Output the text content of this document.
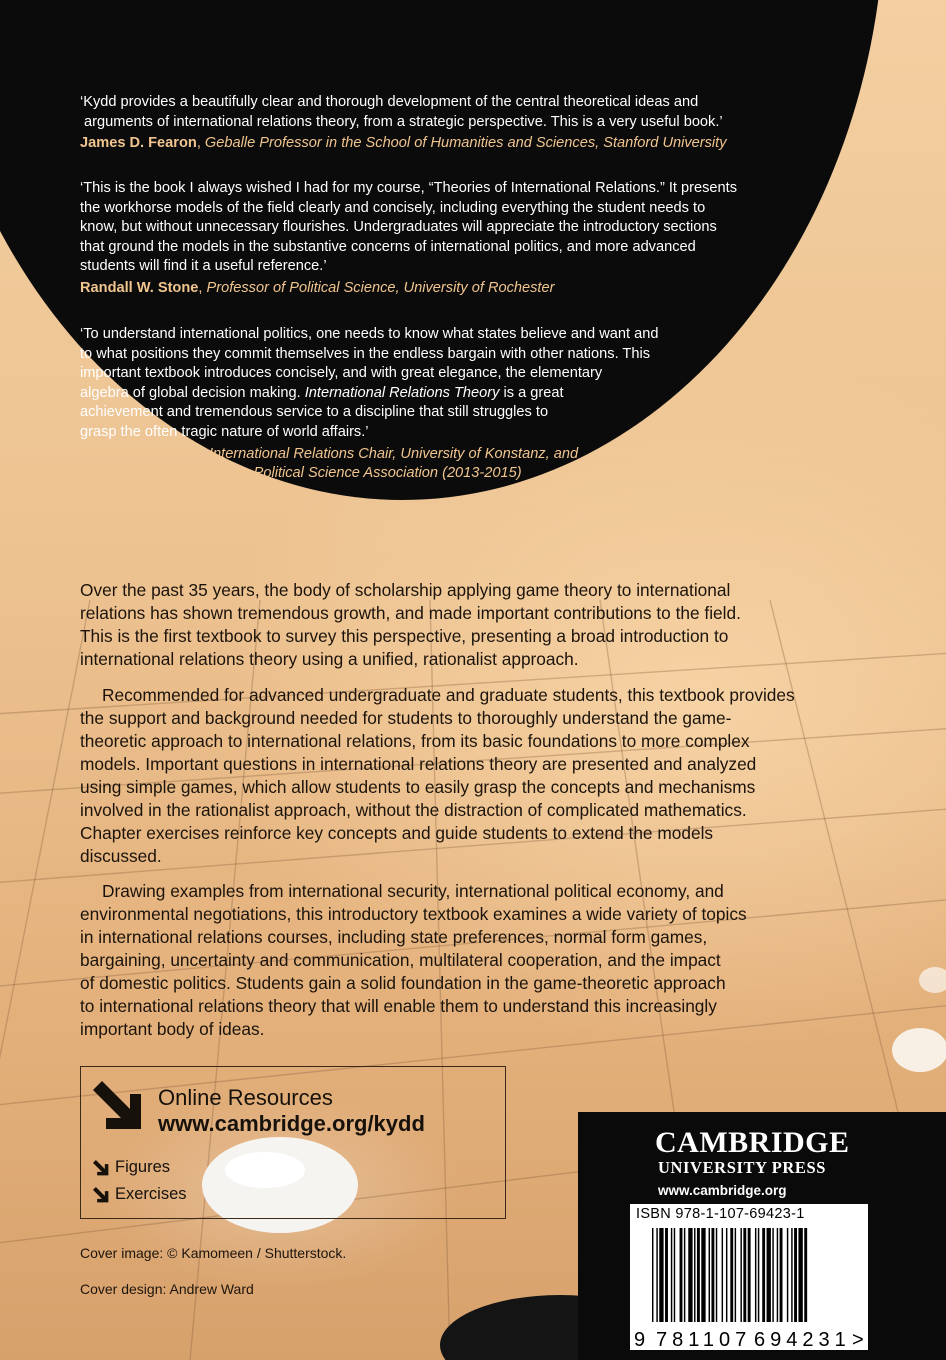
‘Kydd provides a beautifully clear and thorough development of the central theoretical ideas and
arguments of international relations theory, from a strategic perspective. This is a very useful book.’
James D. Fearon, Geballe Professor in the School of Humanities and Sciences, Stanford University
‘This is the book I always wished I had for my course, “Theories of International Relations.” It presents
the workhorse models of the field clearly and concisely, including everything the student needs to
know, but without unnecessary flourishes. Undergraduates will appreciate the introductory sections
that ground the models in the substantive concerns of international politics, and more advanced
students will find it a useful reference.’
Randall W. Stone, Professor of Political Science, University of Rochester
‘To understand international politics, one needs to know what states believe and want and
to what positions they commit themselves in the endless bargain with other nations. This
important textbook introduces concisely, and with great elegance, the elementary
algebra of global decision making. International Relations Theory is a great
achievement and tremendous service to a discipline that still struggles to
grasp the often tragic nature of world affairs.’
Gerald Schneider, International Relations Chair, University of Konstanz, and
President of the European Political Science Association (2013-2015)

Over the past 35 years, the body of scholarship applying game theory to international

relations has shown tremendous growth, and made important contributions to the field.

This is the first textbook to survey this perspective, presenting a broad introduction to

international relations theory using a unified, rationalist approach.

Recommended for advanced undergraduate and graduate students, this textbook provides

the support and background needed for students to thoroughly understand the game-

theoretic approach to international relations, from its basic foundations to more complex

models. Important questions in international relations theory are presented and analyzed

using simple games, which allow students to easily grasp the concepts and mechanisms

involved in the rationalist approach, without the distraction of complicated mathematics.

Chapter exercises reinforce key concepts and guide students to extend the models

discussed.

Drawing examples from international security, international political economy, and

environmental negotiations, this introductory textbook examines a wide variety of topics

in international relations courses, including state preferences, normal form games,

bargaining, uncertainty and communication, multilateral cooperation, and the impact

of domestic politics. Students gain a solid foundation in the game-theoretic approach

to international relations theory that will enable them to understand this increasingly

important body of ideas.

Online Resources
www.cambridge.org/kydd
Figures
Exercises
Cover image: © Kamomeen / Shutterstock.
Cover design: Andrew Ward
CAMBRIDGE
UNIVERSITY PRESS
www.cambridge.org
ISBN 978-1-107-69423-1
9 781107 694231 >
